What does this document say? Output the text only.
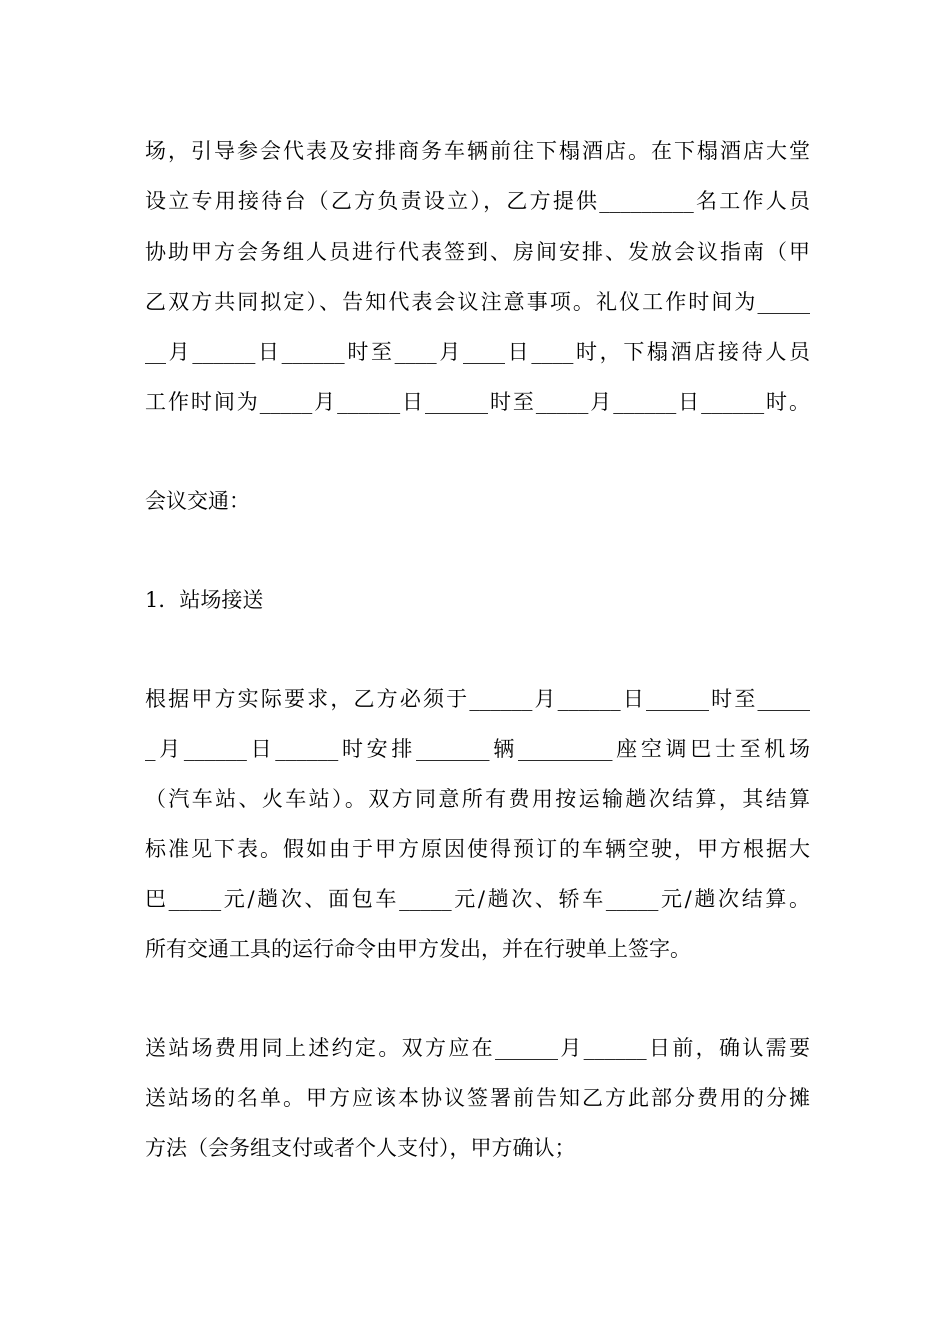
场，引导参会代表及安排商务车辆前往下榻酒店。在下榻酒店大堂
设立专用接待台（乙方负责设立），乙方提供_________名工作人员
协助甲方会务组人员进行代表签到、房间安排、发放会议指南（甲
乙双方共同拟定）、告知代表会议注意事项。礼仪工作时间为_____
__月______日______时至____月____日____时，下榻酒店接待人员
工作时间为_____月______日______时至_____月______日______时。
会议交通：
1．站场接送
根据甲方实际要求，乙方必须于______月______日______时至_____
_月______日______时安排_______辆_________座空调巴士至机场
（汽车站、火车站）。双方同意所有费用按运输趟次结算，其结算
标准见下表。假如由于甲方原因使得预订的车辆空驶，甲方根据大
巴_____元/趟次、面包车_____元/趟次、轿车_____元/趟次结算。
所有交通工具的运行命令由甲方发出，并在行驶单上签字。
送站场费用同上述约定。双方应在______月______日前，确认需要
送站场的名单。甲方应该本协议签署前告知乙方此部分费用的分摊
方法（会务组支付或者个人支付），甲方确认；
